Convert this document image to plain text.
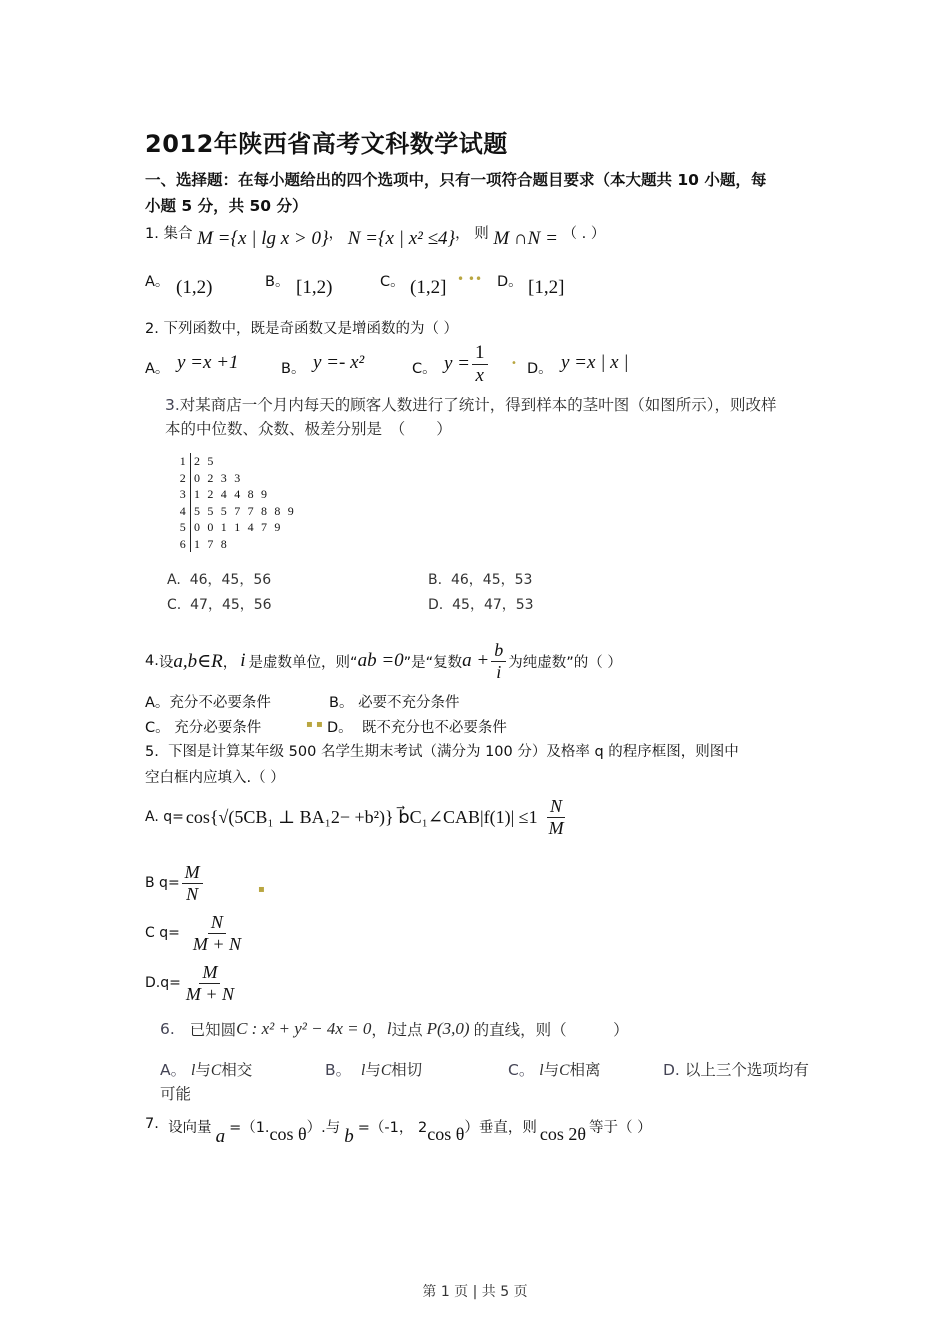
2012年陕西省高考文科数学试题
一、选择题：在每小题给出的四个选项中，只有一项符合题目要求（本大题共 10 小题，每
小题 5 分，共 50 分）
1. 集合 M ={x | lg x > 0}， N ={x | x² ≤4}， 则 M ∩N = （ . ）
A。 (1,2)	B。 [1,2)	C。 (1,2] • •• D。 [1,2]
2. 下列函数中，既是奇函数又是增函数的为（ ）
A。 y =x +1	B。 y =- x²	C。 $y = \frac{1}{x}$ • D。 y =x | x |
3.对某商店一个月内每天的顾客人数进行了统计，得到样本的茎叶图（如图所示），则改样
本的中位数、众数、极差分别是　（　　）
1 2 5
2 0 2 3 3
3 1 2 4 4 8 9
4 5 5 5 7 7 8 8 9
5 0 0 1 1 4 7 9
6 1 7 8
A. 46，45，56	B. 46，45，53
C. 47，45，56	D. 45，47，53
4. 设 a,b∈R ， i 是虚数单位，则“ ab =0 ”是“复数 $a + \frac{b}{i}$ 为纯虚数”的（ ）
A。充分不必要条件	B。 必要不充分条件
C。 充分必要条件	▪ ▪ D。 既不充分也不必要条件
5. 下图是计算某年级 500 名学生期末考试（满分为 100 分）及格率 q 的程序框图，则图中
空白框内应填入.（ ）
A. q= cos{√(5CB₁ ⊥ BA₁2− +b²)} b⃗C₁∠CAB|f(1)| $\le 1 \frac{N}{M}$
B $q= \frac{M}{N}$	▪
C $q= \frac{N}{M + N}$
$D.q= \frac{M}{M + N}$
6.
已知圆 C : x² + y² − 4x = 0 ， l 过点 P(3,0) 的直线，则（　　　）
A。 l与C相交	B。 l与C相切	C。 l与C相离	D. 以上三个选项均有
可能
7.
设向量 a =（1. cos θ ）.与 b =（-1， 2 cos θ ）垂直，则 cos 2θ 等于（ ）
第 1 页 | 共 5 页
